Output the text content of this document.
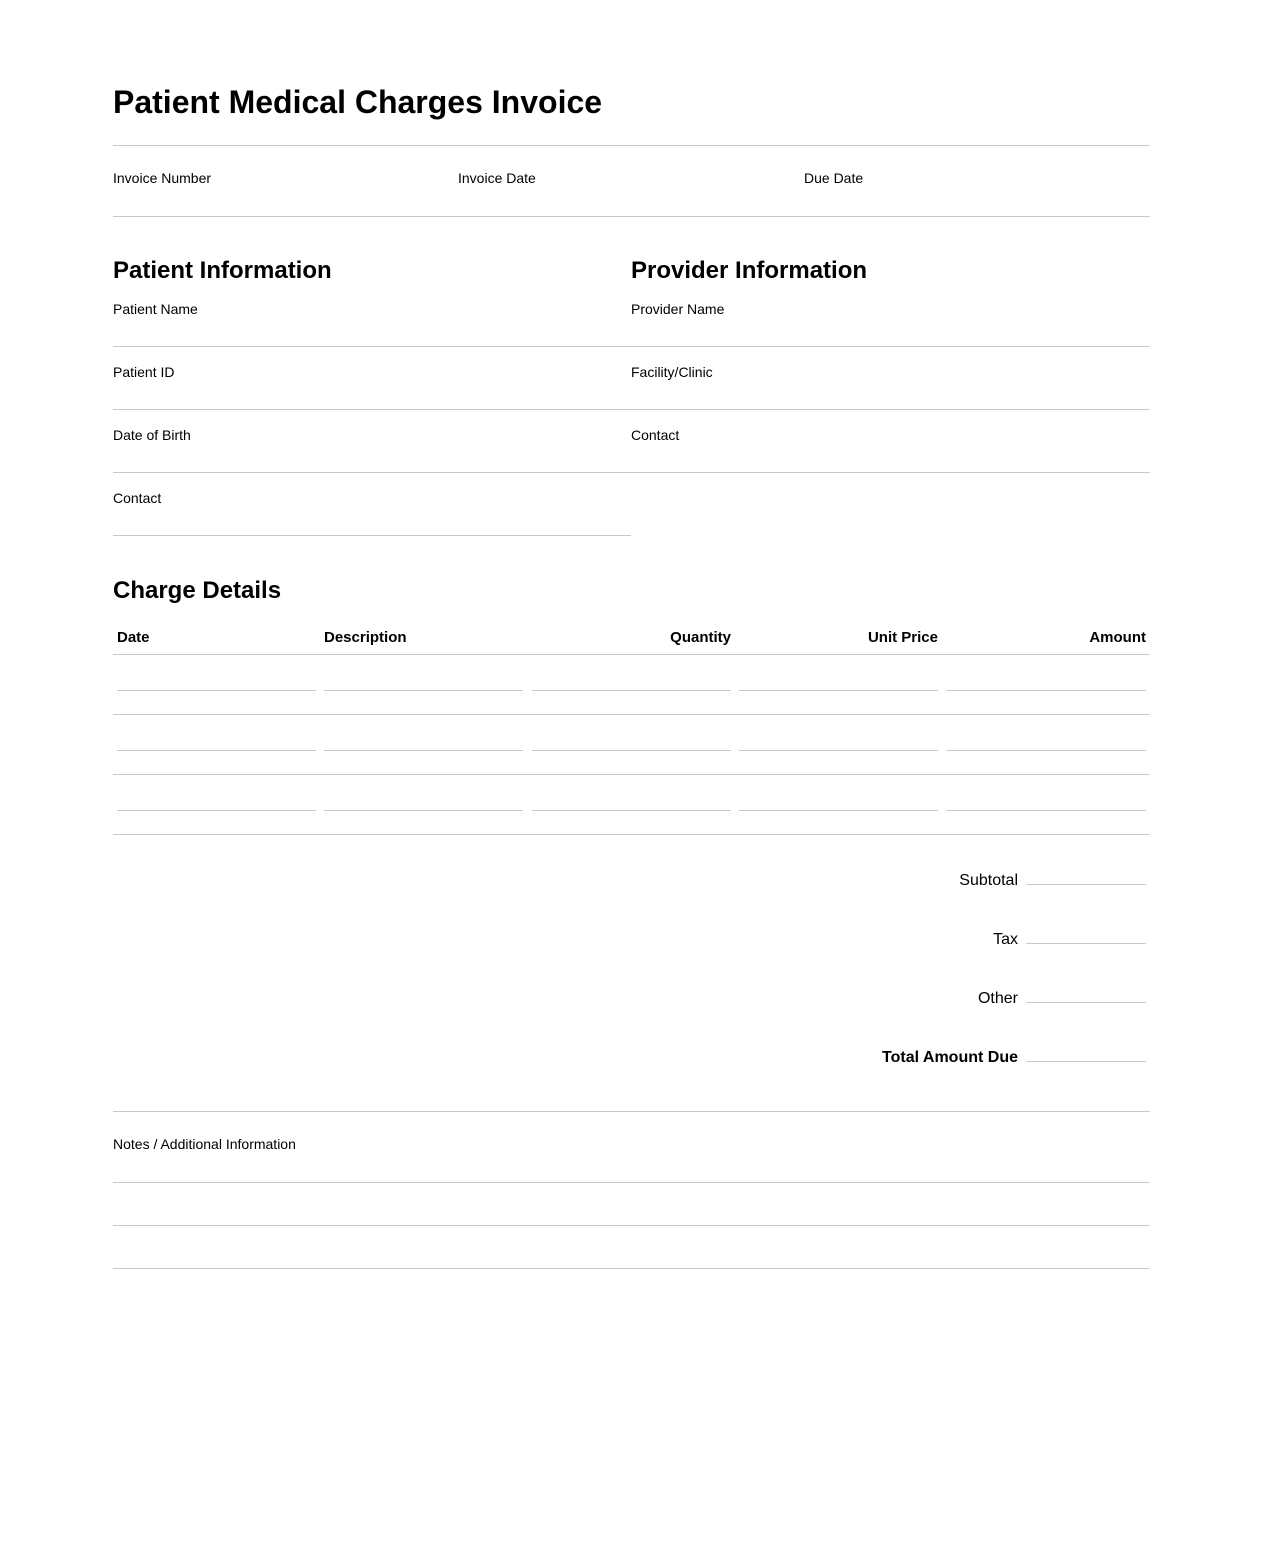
Patient Medical Charges Invoice
Invoice Number	Invoice Date	Due Date
Patient Information
Patient Name
Patient ID
Date of Birth
Contact
Provider Information
Provider Name
Facility/Clinic
Contact
Charge Details
Date	Description	Quantity	Unit Price	Amount
Subtotal
Tax
Other
Total Amount Due
Notes / Additional Information
